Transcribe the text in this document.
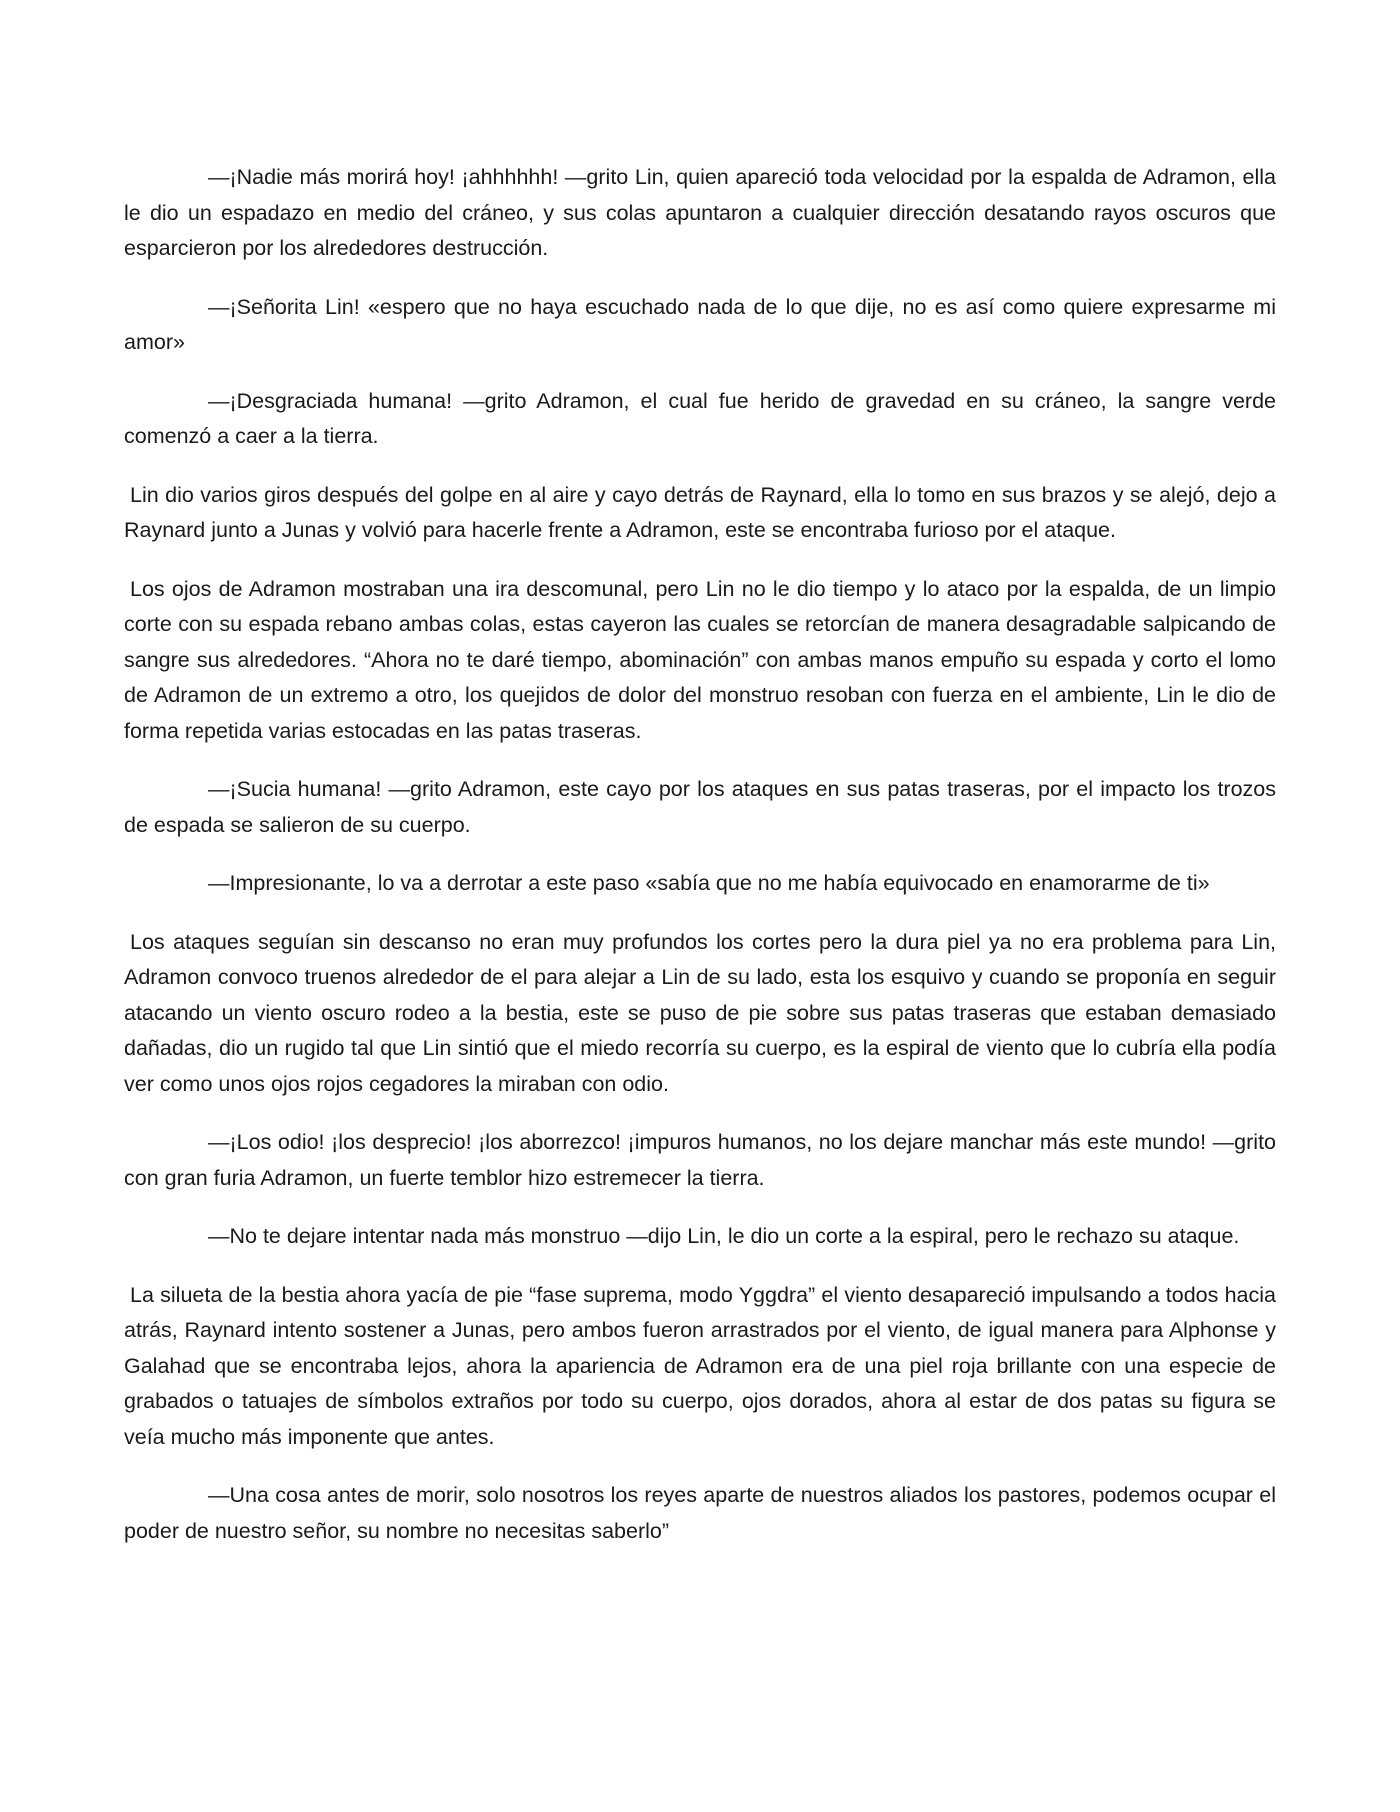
—¡Nadie más morirá hoy! ¡ahhhhhh! —grito Lin, quien apareció toda velocidad por la espalda de Adramon, ella le dio un espadazo en medio del cráneo, y sus colas apuntaron a cualquier dirección desatando rayos oscuros que esparcieron por los alrededores destrucción.

—¡Señorita Lin! «espero que no haya escuchado nada de lo que dije, no es así como quiere expresarme mi amor»

—¡Desgraciada humana! —grito Adramon, el cual fue herido de gravedad en su cráneo, la sangre verde comenzó a caer a la tierra.

Lin dio varios giros después del golpe en al aire y cayo detrás de Raynard, ella lo tomo en sus brazos y se alejó, dejo a Raynard junto a Junas y volvió para hacerle frente a Adramon, este se encontraba furioso por el ataque.

Los ojos de Adramon mostraban una ira descomunal, pero Lin no le dio tiempo y lo ataco por la espalda, de un limpio corte con su espada rebano ambas colas, estas cayeron las cuales se retorcían de manera desagradable salpicando de sangre sus alrededores. “Ahora no te daré tiempo, abominación” con ambas manos empuño su espada y corto el lomo de Adramon de un extremo a otro, los quejidos de dolor del monstruo resoban con fuerza en el ambiente, Lin le dio de forma repetida varias estocadas en las patas traseras.

—¡Sucia humana! —grito Adramon, este cayo por los ataques en sus patas traseras, por el impacto los trozos de espada se salieron de su cuerpo.

—Impresionante, lo va a derrotar a este paso «sabía que no me había equivocado en enamorarme de ti»

Los ataques seguían sin descanso no eran muy profundos los cortes pero la dura piel ya no era problema para Lin, Adramon convoco truenos alrededor de el para alejar a Lin de su lado, esta los esquivo y cuando se proponía en seguir atacando un viento oscuro rodeo a la bestia, este se puso de pie sobre sus patas traseras que estaban demasiado dañadas, dio un rugido tal que Lin sintió que el miedo recorría su cuerpo, es la espiral de viento que lo cubría ella podía ver como unos ojos rojos cegadores la miraban con odio.

—¡Los odio! ¡los desprecio! ¡los aborrezco! ¡impuros humanos, no los dejare manchar más este mundo! —grito con gran furia Adramon, un fuerte temblor hizo estremecer la tierra.

—No te dejare intentar nada más monstruo —dijo Lin, le dio un corte a la espiral, pero le rechazo su ataque.

La silueta de la bestia ahora yacía de pie “fase suprema, modo Yggdra” el viento desapareció impulsando a todos hacia atrás, Raynard intento sostener a Junas, pero ambos fueron arrastrados por el viento, de igual manera para Alphonse y Galahad que se encontraba lejos, ahora la apariencia de Adramon era de una piel roja brillante con una especie de grabados o tatuajes de símbolos extraños por todo su cuerpo, ojos dorados, ahora al estar de dos patas su figura se veía mucho más imponente que antes.

—Una cosa antes de morir, solo nosotros los reyes aparte de nuestros aliados los pastores, podemos ocupar el poder de nuestro señor, su nombre no necesitas saberlo”
